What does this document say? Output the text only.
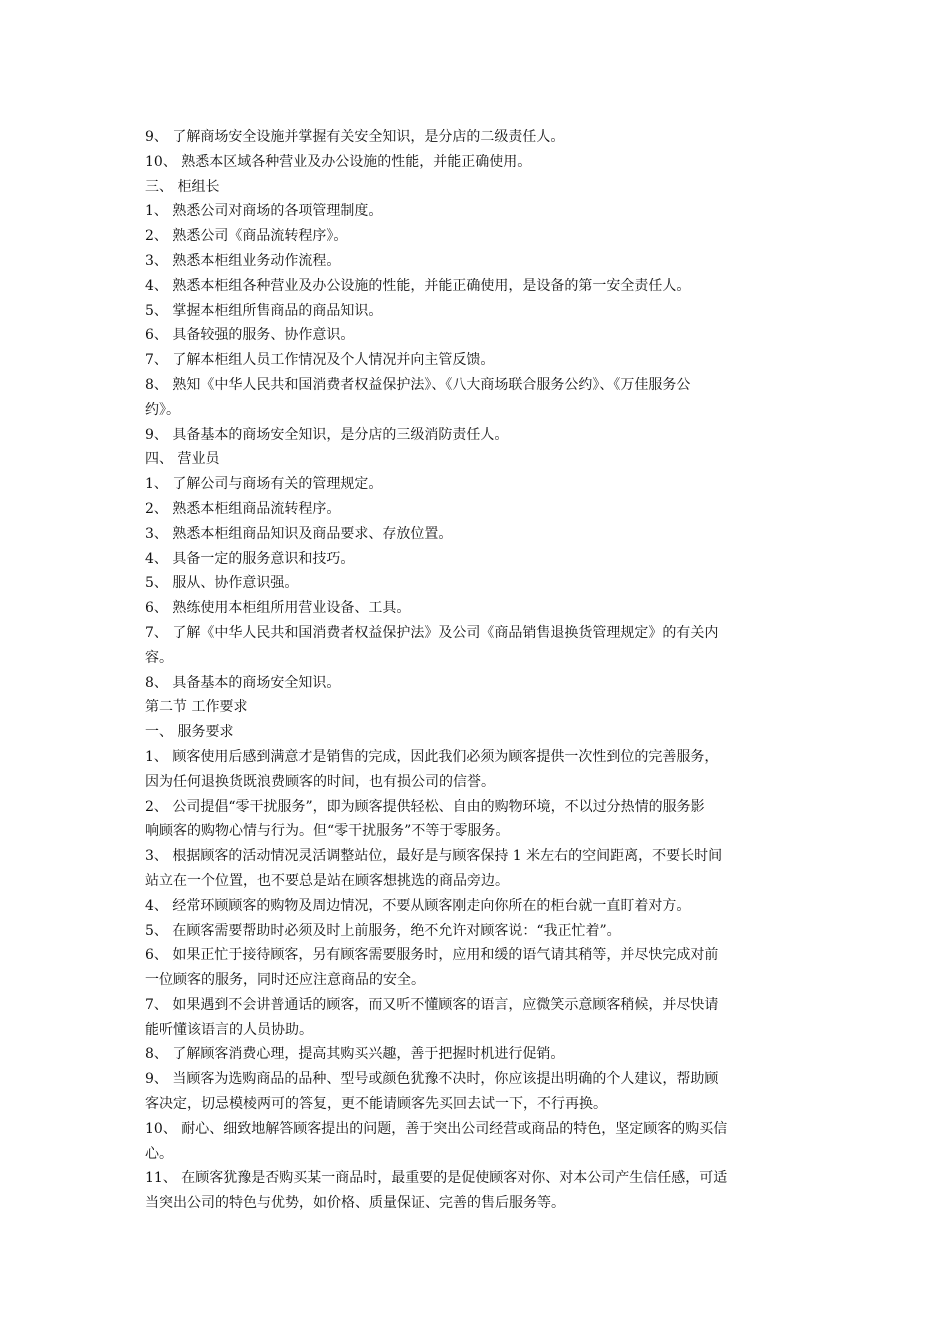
9、 了解商场安全设施并掌握有关安全知识，是分店的二级责任人。
10、 熟悉本区域各种营业及办公设施的性能，并能正确使用。
三、 柜组长
1、 熟悉公司对商场的各项管理制度。
2、 熟悉公司《商品流转程序》。
3、 熟悉本柜组业务动作流程。
4、 熟悉本柜组各种营业及办公设施的性能，并能正确使用，是设备的第一安全责任人。
5、 掌握本柜组所售商品的商品知识。
6、 具备较强的服务、协作意识。
7、 了解本柜组人员工作情况及个人情况并向主管反馈。
8、 熟知《中华人民共和国消费者权益保护法》、《八大商场联合服务公约》、《万佳服务公
约》。
9、 具备基本的商场安全知识，是分店的三级消防责任人。
四、 营业员
1、 了解公司与商场有关的管理规定。
2、 熟悉本柜组商品流转程序。
3、 熟悉本柜组商品知识及商品要求、存放位置。
4、 具备一定的服务意识和技巧。
5、 服从、协作意识强。
6、 熟练使用本柜组所用营业设备、工具。
7、 了解《中华人民共和国消费者权益保护法》及公司《商品销售退换货管理规定》的有关内
容。
8、 具备基本的商场安全知识。
第二节 工作要求
一、 服务要求
1、 顾客使用后感到满意才是销售的完成，因此我们必须为顾客提供一次性到位的完善服务，
因为任何退换货既浪费顾客的时间，也有损公司的信誉。
2、 公司提倡“零干扰服务”，即为顾客提供轻松、自由的购物环境，不以过分热情的服务影
响顾客的购物心情与行为。但“零干扰服务”不等于零服务。
3、 根据顾客的活动情况灵活调整站位，最好是与顾客保持 1 米左右的空间距离，不要长时间
站立在一个位置，也不要总是站在顾客想挑选的商品旁边。
4、 经常环顾顾客的购物及周边情况，不要从顾客刚走向你所在的柜台就一直盯着对方。
5、 在顾客需要帮助时必须及时上前服务，绝不允许对顾客说：“我正忙着”。
6、 如果正忙于接待顾客，另有顾客需要服务时，应用和缓的语气请其稍等，并尽快完成对前
一位顾客的服务，同时还应注意商品的安全。
7、 如果遇到不会讲普通话的顾客，而又听不懂顾客的语言，应微笑示意顾客稍候，并尽快请
能听懂该语言的人员协助。
8、 了解顾客消费心理，提高其购买兴趣，善于把握时机进行促销。
9、 当顾客为选购商品的品种、型号或颜色犹豫不决时，你应该提出明确的个人建议，帮助顾
客决定，切忌模棱两可的答复，更不能请顾客先买回去试一下，不行再换。
10、 耐心、细致地解答顾客提出的问题，善于突出公司经营或商品的特色，坚定顾客的购买信
心。
11、 在顾客犹豫是否购买某一商品时，最重要的是促使顾客对你、对本公司产生信任感，可适
当突出公司的特色与优势，如价格、质量保证、完善的售后服务等。
